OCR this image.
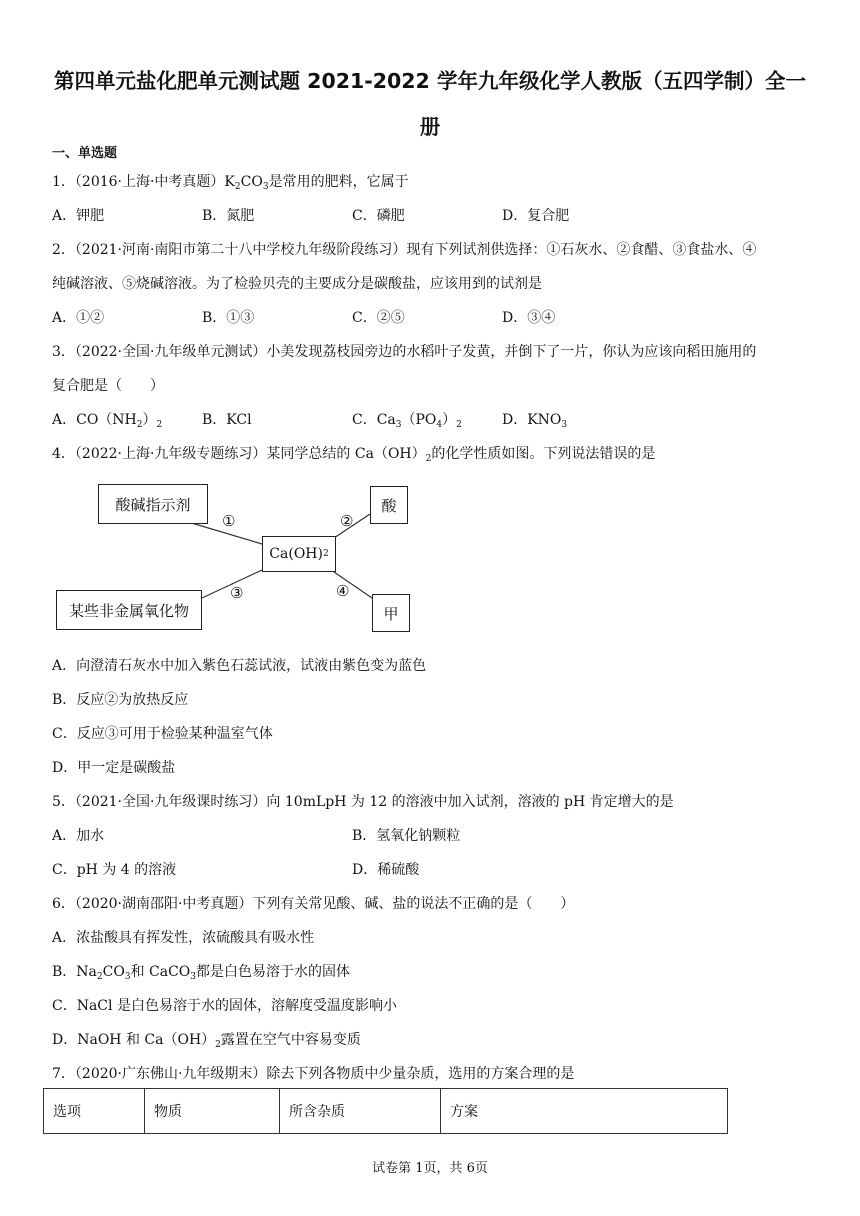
第四单元盐化肥单元测试题 2021-2022 学年九年级化学人教版（五四学制）全一
册
一、单选题
1．（2016·上海·中考真题）$K_2CO_3$是常用的肥料，它属于
A．钾肥	B．氮肥	C．磷肥	D．复合肥
2．（2021·河南·南阳市第二十八中学校九年级阶段练习）现有下列试剂供选择：①石灰水、②食醋、③食盐水、④
纯碱溶液、⑤烧碱溶液。为了检验贝壳的主要成分是碳酸盐，应该用到的试剂是
A．①②	B．①③	C．②⑤	D．③④
3．（2022·全国·九年级单元测试）小美发现荔枝园旁边的水稻叶子发黄，并倒下了一片，你认为应该向稻田施用的
复合肥是（　　）
A．$CO(NH_2)_2$	B．KCl	C．$Ca_3(PO_4)_2$	D．$KNO_3$
4．（2022·上海·九年级专题练习）某同学总结的 $Ca(OH)_2$的化学性质如图。下列说法错误的是
酸碱指示剂	酸
Ca(OH) 2
某些非金属氧化物	甲
①	②
③	④
A．向澄清石灰水中加入紫色石蕊试液，试液由紫色变为蓝色
B．反应②为放热反应
C．反应③可用于检验某种温室气体
D．甲一定是碳酸盐
5．（2021·全国·九年级课时练习）向 10mLpH 为 12 的溶液中加入试剂，溶液的 pH 肯定增大的是
A．加水	B．氢氧化钠颗粒
C．pH 为 4 的溶液	D．稀硫酸
6．（2020·湖南邵阳·中考真题）下列有关常见酸、碱、盐的说法不正确的是（　　）
A．浓盐酸具有挥发性，浓硫酸具有吸水性
B．$Na_2CO_3$和 CaCO$_3$都是白色易溶于水的固体
C．NaCl 是白色易溶于水的固体，溶解度受温度影响小
D．NaOH 和 $Ca(OH)_2$露置在空气中容易变质
7．（2020·广东佛山·九年级期末）除去下列各物质中少量杂质，选用的方案合理的是
选项	物质	所含杂质	方案
试卷第 1页，共 6页
